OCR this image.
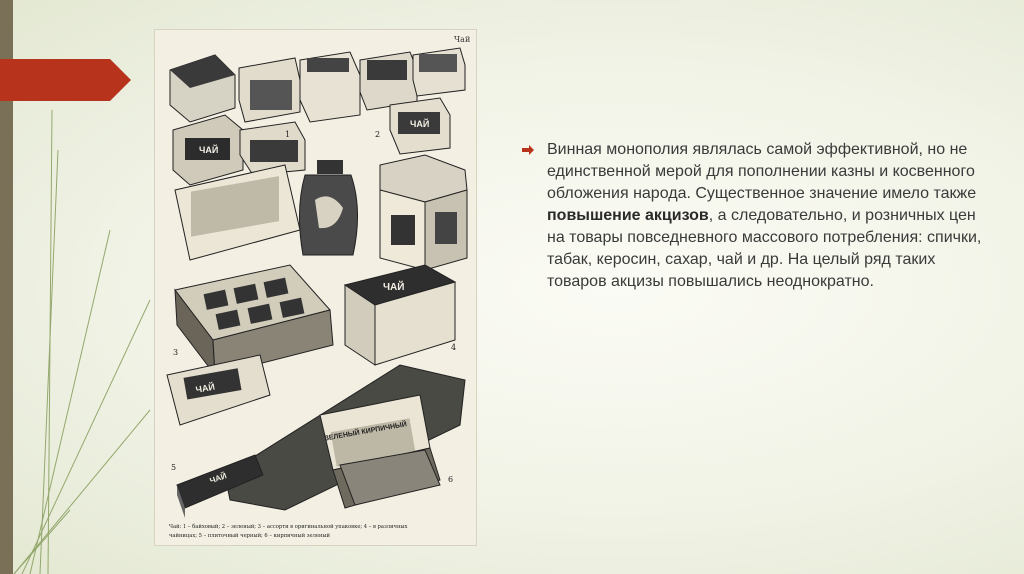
Чай
ЧАЙ
1
ЧАЙ
2
3
ЧАЙ
4
ЧАЙ
ЗЕЛЕНЫЙ КИРПИЧНЫЙ
6
ЧАЙ
5
Чай: 1 – байховый; 2 – зеленый; 3 – ассорти в оригинальной упаковке; 4 – в различных
чайницах; 5 – плиточный черный; 6 – кирпичный зеленый

Винная монополия являлась самой эффективной, но не единственной мерой для пополнении казны и косвенного обложения народа. Существенное значение имело также повышение акцизов, а следовательно, и розничных цен на товары повседневного массового потребления: спички, табак, керосин, сахар, чай и др. На целый ряд таких товаров акцизы повышались неоднократно.
